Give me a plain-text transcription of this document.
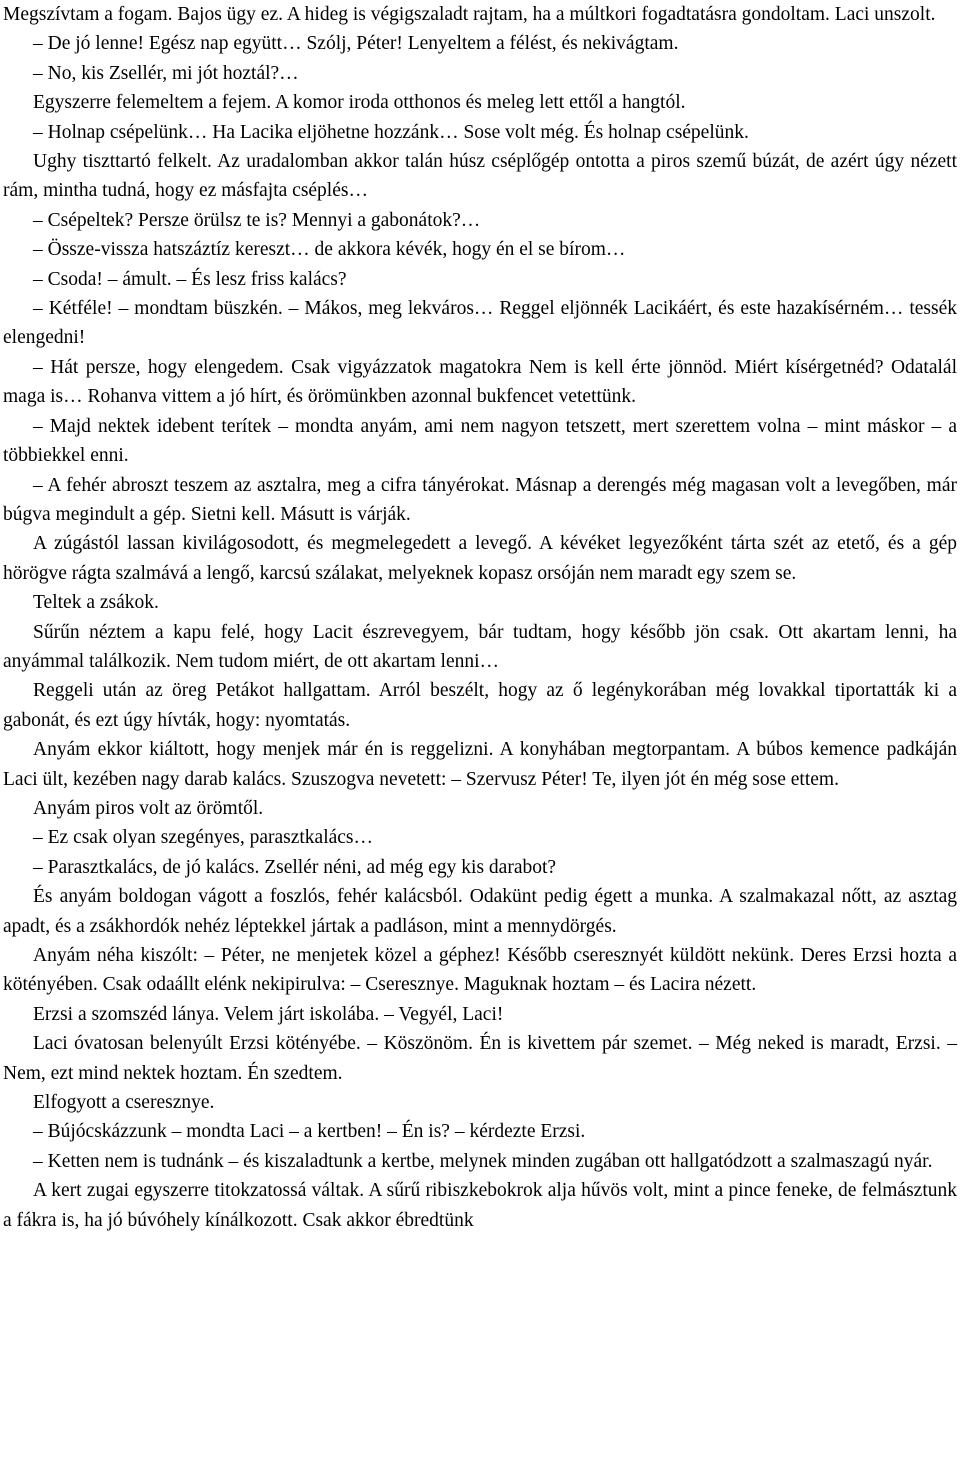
Megszívtam a fogam. Bajos ügy ez. A hideg is végigszaladt rajtam, ha a múltkori fogadtatásra gondoltam. Laci unszolt.

– De jó lenne! Egész nap együtt… Szólj, Péter! Lenyeltem a félést, és nekivágtam.

– No, kis Zsellér, mi jót hoztál?…

Egyszerre felemeltem a fejem. A komor iroda otthonos és meleg lett ettől a hangtól.

– Holnap csépelünk… Ha Lacika eljöhetne hozzánk… Sose volt még. És holnap csépelünk.

Ughy tiszttartó felkelt. Az uradalomban akkor talán húsz cséplőgép ontotta a piros szemű búzát, de azért úgy nézett rám, mintha tudná, hogy ez másfajta cséplés…

– Csépeltek? Persze örülsz te is? Mennyi a gabonátok?…

– Össze-vissza hatszáztíz kereszt… de akkora kévék, hogy én el se bírom…

– Csoda! – ámult. – És lesz friss kalács?

– Kétféle! – mondtam büszkén. – Mákos, meg lekváros… Reggel eljönnék Lacikáért, és este hazakísérném… tessék elengedni!

– Hát persze, hogy elengedem. Csak vigyázzatok magatokra Nem is kell érte jönnöd. Miért kísérgetnéd? Odatalál maga is… Rohanva vittem a jó hírt, és örömünkben azonnal bukfencet vetettünk.

– Majd nektek idebent terítek – mondta anyám, ami nem nagyon tetszett, mert szerettem volna – mint máskor – a többiekkel enni.

– A fehér abroszt teszem az asztalra, meg a cifra tányérokat. Másnap a derengés még magasan volt a levegőben, már búgva megindult a gép. Sietni kell. Másutt is várják.

A zúgástól lassan kivilágosodott, és megmelegedett a levegő. A kévéket legyezőként tárta szét az etető, és a gép hörögve rágta szalmává a lengő, karcsú szálakat, melyeknek kopasz orsóján nem maradt egy szem se.

Teltek a zsákok.

Sűrűn néztem a kapu felé, hogy Lacit észrevegyem, bár tudtam, hogy később jön csak. Ott akartam lenni, ha anyámmal találkozik. Nem tudom miért, de ott akartam lenni…

Reggeli után az öreg Petákot hallgattam. Arról beszélt, hogy az ő legénykorában még lovakkal tiportatták ki a gabonát, és ezt úgy hívták, hogy: nyomtatás.

Anyám ekkor kiáltott, hogy menjek már én is reggelizni. A konyhában megtorpantam. A búbos kemence padkáján Laci ült, kezében nagy darab kalács. Szuszogva nevetett: – Szervusz Péter! Te, ilyen jót én még sose ettem.

Anyám piros volt az örömtől.

– Ez csak olyan szegényes, parasztkalács…

– Parasztkalács, de jó kalács. Zsellér néni, ad még egy kis darabot?

És anyám boldogan vágott a foszlós, fehér kalácsból. Odakünt pedig égett a munka. A szalmakazal nőtt, az asztag apadt, és a zsákhordók nehéz léptekkel jártak a padláson, mint a mennydörgés.

Anyám néha kiszólt: – Péter, ne menjetek közel a géphez! Később cseresznyét küldött nekünk. Deres Erzsi hozta a kötényében. Csak odaállt elénk nekipirulva: – Cseresznye. Maguknak hoztam – és Lacira nézett.

Erzsi a szomszéd lánya. Velem járt iskolába. – Vegyél, Laci!

Laci óvatosan belenyúlt Erzsi kötényébe. – Köszönöm. Én is kivettem pár szemet. – Még neked is maradt, Erzsi. – Nem, ezt mind nektek hoztam. Én szedtem.

Elfogyott a cseresznye.

– Bújócskázzunk – mondta Laci – a kertben! – Én is? – kérdezte Erzsi.

– Ketten nem is tudnánk – és kiszaladtunk a kertbe, melynek minden zugában ott hallgatódzott a szalmaszagú nyár.

A kert zugai egyszerre titokzatossá váltak. A sűrű ribiszkebokrok alja hűvös volt, mint a pince feneke, de felmásztunk a fákra is, ha jó búvóhely kínálkozott. Csak akkor ébredtünk
